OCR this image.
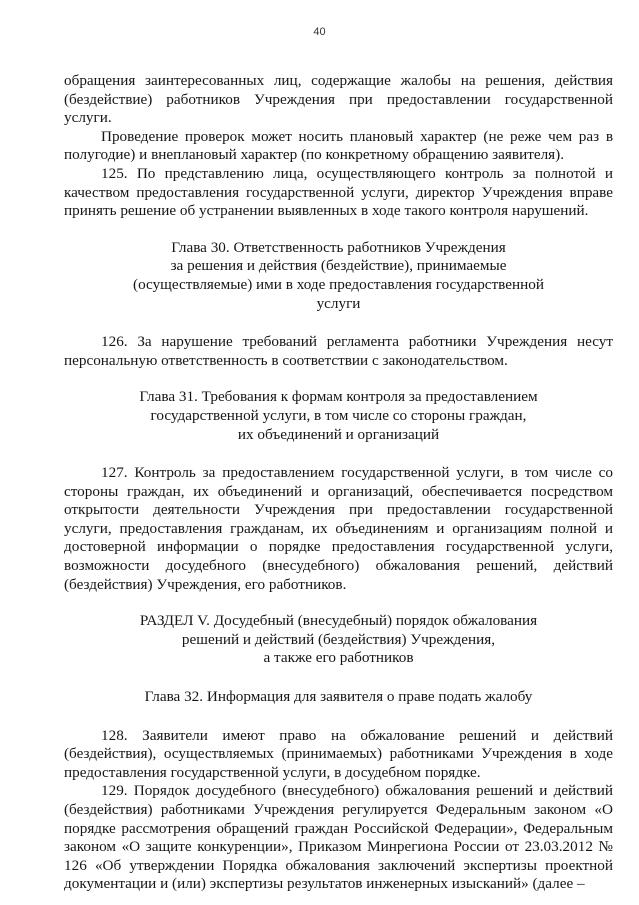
40

обращения заинтересованных лиц, содержащие жалобы на решения, действия (бездействие) работников Учреждения при предоставлении государственной услуги.

Проведение проверок может носить плановый характер (не реже чем раз в полугодие) и внеплановый характер (по конкретному обращению заявителя).

125. По представлению лица, осуществляющего контроль за полнотой и качеством предоставления государственной услуги, директор Учреждения вправе принять решение об устранении выявленных в ходе такого контроля нарушений.

Глава 30. Ответственность работников Учреждения

за решения и действия (бездействие), принимаемые

(осуществляемые) ими в ходе предоставления государственной

услуги

126. За нарушение требований регламента работники Учреждения несут персональную ответственность в соответствии с законодательством.

Глава 31. Требования к формам контроля за предоставлением

государственной услуги, в том числе со стороны граждан,

их объединений и организаций

127. Контроль за предоставлением государственной услуги, в том числе со стороны граждан, их объединений и организаций, обеспечивается посредством открытости деятельности Учреждения при предоставлении государственной услуги, предоставления гражданам, их объединениям и организациям полной и достоверной информации о порядке предоставления государственной услуги, возможности досудебного (внесудебного) обжалования решений, действий (бездействия) Учреждения, его работников.

РАЗДЕЛ V. Досудебный (внесудебный) порядок обжалования

решений и действий (бездействия) Учреждения,

а также его работников

Глава 32. Информация для заявителя о праве подать жалобу

128. Заявители имеют право на обжалование решений и действий (бездействия), осуществляемых (принимаемых) работниками Учреждения в ходе предоставления государственной услуги, в досудебном порядке.

129. Порядок досудебного (внесудебного) обжалования решений и действий (бездействия) работниками Учреждения регулируется Федеральным законом «О порядке рассмотрения обращений граждан Российской Федерации», Федеральным законом «О защите конкуренции», Приказом Минрегиона России от 23.03.2012 № 126 «Об утверждении Порядка обжалования заключений экспертизы проектной документации и (или) экспертизы результатов инженерных изысканий» (далее –
